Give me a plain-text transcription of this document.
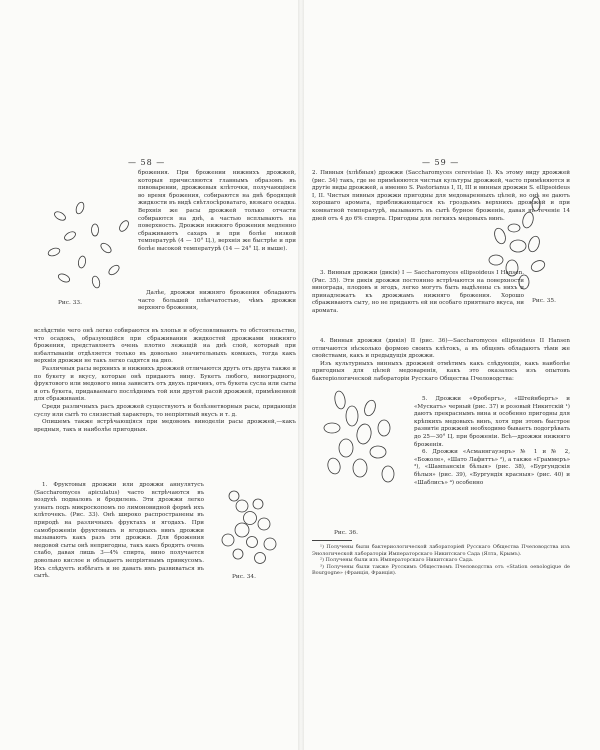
— 58 —

брожения. При брожении нижнихъ дрожжей, которыя причисляются главнымъ образомъ въ пивоварении, дрожжевыя клѣточки, получающіяся во время брожения, собираются на днѣ бродящей жидкости въ видѣ свѣтлосѣроватаго, вязкаго осадка. Верхнія же расы дрожжей только отчасти собираются на днѣ, а частью всплываютъ на поверхность. Дрожжи нижняго брожения медленно сбраживаютъ сахаръ и при болѣе низкой температурѣ (4 — 10° Ц.), верхнія же быстрѣе и при болѣе высокой температурѣ (14 — 24° Ц. и выше).

Рис. 33.

Далѣе, дрожжи нижняго брожения обладаютъ часто большей плѣнчатостью, чѣмъ дрожжи верхняго брожения,

вслѣдствіе чего онѣ легко собираются въ хлопья и обусловливаютъ то обстоятельство, что осадокъ, образующійся при сбраживании жидкостей дрожжами нижняго брожения, представляетъ очень плотно лежащій на днѣ слой, который при взбалтываніи отдѣляется только въ довольно значительныхъ комкахъ, тогда какъ верхнія дрожжи не такъ легко садятся на дно.

Различныя расы верхнихъ и нижнихъ дрожжей отличаются другъ отъ друга также и по букету и вкусу, которые онѣ придаютъ вину. Букетъ любого, виноградного, фруктового или медового вина зависитъ отъ двухъ причинъ, отъ букета сусла или сыты и отъ букета, придаваемаго послѣднимъ той или другой расой дрожжей, примѣненной для сбраживанія.

Среди различныхъ расъ дрожжей существуютъ и болѣзнетворныя расы, придающія суслу или сытѣ то слизистый характеръ, то непріятный вкусъ и т. д.

Опишемъ также встрѣчающіяся при медовомъ виноделіи расы дрожжей,—какъ вредныя, такъ и наиболѣе пригодныя.

1. Фруктовыя дрожжи или дрожжи аннулятусъ (Saccharomyces apiculatus) часто встрѣчаются въ воздухѣ подваловъ и бродилень. Эти дрожжи легко узнать подъ микроскопомъ по лимоновидной формѣ ихъ клѣточекъ. (Рис. 33). Онѣ широко распространены въ природѣ на различныхъ фруктахъ и ягодахъ. При самоброженіи фруктовыхъ и ягодныхъ винъ дрожжи вызываютъ какъ разъ эти дрожжи. Для брожения медовой сыты онѣ непригодны, такъ какъ бродятъ очень слабо, давая лишь 3—4% спирта, вино получается довольно кислое и обладаетъ непріятнымъ привкусомъ. Ихъ слѣдуетъ избѣгать и не давать имъ развиваться въ сытѣ.	Рис. 34.
— 59 —

2. Пивныя (хлѣбныя) дрожжи (Saccharomyces cerevisiae I). Къ этому виду дрожжей (рис. 34) такъ, где не примѣняются чистыя культуры дрожжей, часто примѣняются и другіе виды дрожжей, а именно S. Pastorianus I, II, III и винныя дрожжи S. ellipsoideus I, II. Чистыя пивныя дрожжи пригодны для медоваренныхъ цѣлей, но онѣ не даютъ хорошаго аромата, приближающагося къ гроздьямъ верхнихъ дрожжей и при комнатной температурѣ, вызываютъ въ сытѣ бурное броженіе, давая въ теченіе 14 дней отъ 4 до 6% спирта. Пригодны для легкихъ медовыхъ винъ.

Рис. 35.

3. Винныя дрожжи (дикія) I — Saccharomyces ellipsoideus I Hansen. (Рис. 35). Эти дикія дрожжи постоянно встрѣчаются на поверхности винограда, плодовъ и ягодъ, легко могутъ быть выдѣлены съ нихъ и принадлежатъ къ дрожжамъ нижняго брожения. Хорошо сбраживаютъ сыту, но не придаютъ ей ни особаго приятнаго вкуса, ни аромата.

4. Винныя дрожжи (дикія) II (рис. 36)—Saccharomyces ellipsoideus II Hansen отличаются нѣсколько формою своихъ клѣтокъ, а въ общемъ обладаютъ тѣми же свойствами, какъ и предыдущія дрожжи.

Изъ культурныхъ винныхъ дрожжей отмѣтимъ какъ слѣдующія, какъ наиболѣе пригодныя для цѣлей медоваренія, какъ это оказалось изъ опытовъ бактеріологической лабораторіи Русскаго Общества Пчеловодства:

Рис. 36.

5. Дрожжи «Фробергъ», «Штейнбергъ» и «Мускатъ» черный (рис. 37) и розовый Никитскій ¹) даютъ прекраснымъ вина и особенно пригодны для крѣпкихъ медовыхъ винъ, хотя при этомъ быстрое развитіе дрожжей необходимо бываетъ подогрѣвать до 25—30° Ц. при броженіи. Всѣ—дрожжи нижняго броженія.

6. Дрожжи «Асманнгаузеръ» № 1 и № 2, «Божоле», «Шато Лафиттъ» ²), а также «Граммеръ» ³), «Шампанскія бѣлыя» (рис. 38), «Бургундскія бѣлыя» (рис. 39), «Бургундія красныя» (рис. 40) и «Шаблисъ» ⁴) особенно

¹) Получены были бактериологической лабораторіей Русскаго Общества Пчеловодства изъ Энологической лабораторіи Императорскаго Никитскаго Сада (Ялта, Крымъ).

²) Получены были изъ Императорскаго Никитскаго Сада.

³) Получены были также Русскимъ Обществомъ Пчеловодства отъ «Station oenologique de Bourgogne» (Франція, Франція).
